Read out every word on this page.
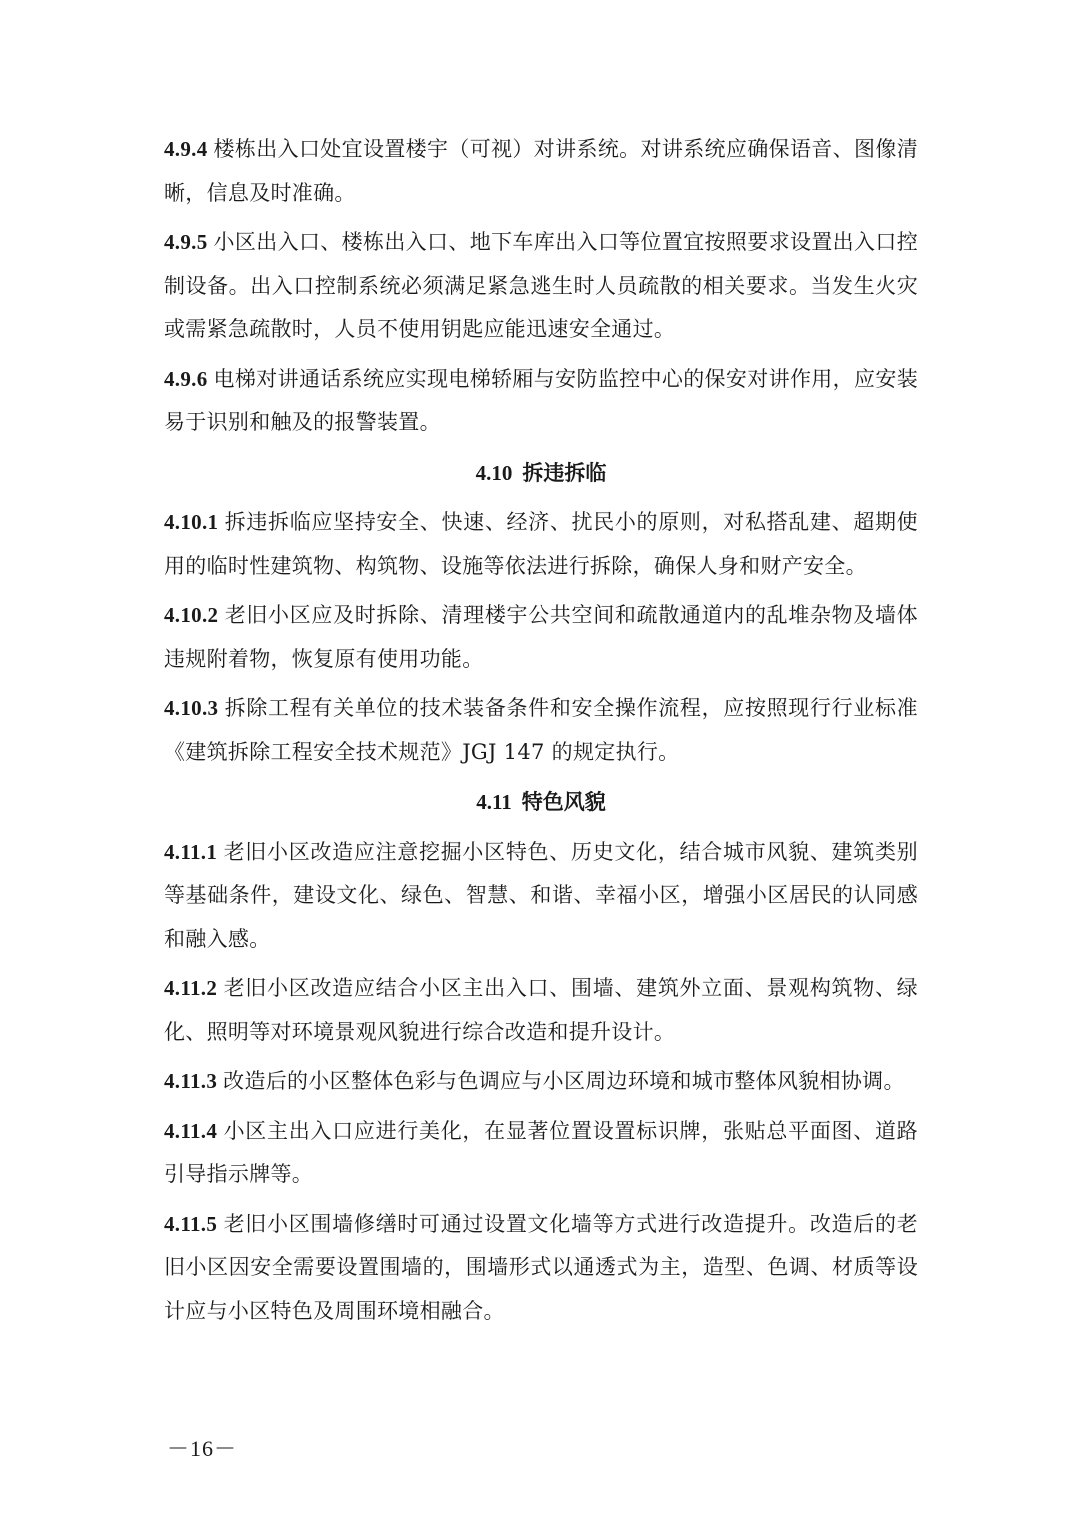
4.9.4 楼栋出入口处宜设置楼宇（可视）对讲系统。对讲系统应确保语音、图像清晰，信息及时准确。

4.9.5 小区出入口、楼栋出入口、地下车库出入口等位置宜按照要求设置出入口控制设备。出入口控制系统必须满足紧急逃生时人员疏散的相关要求。当发生火灾或需紧急疏散时，人员不使用钥匙应能迅速安全通过。

4.9.6 电梯对讲通话系统应实现电梯轿厢与安防监控中心的保安对讲作用，应安装易于识别和触及的报警装置。

4.10 拆违拆临

4.10.1 拆违拆临应坚持安全、快速、经济、扰民小的原则，对私搭乱建、超期使用的临时性建筑物、构筑物、设施等依法进行拆除，确保人身和财产安全。

4.10.2 老旧小区应及时拆除、清理楼宇公共空间和疏散通道内的乱堆杂物及墙体违规附着物，恢复原有使用功能。

4.10.3 拆除工程有关单位的技术装备条件和安全操作流程，应按照现行行业标准《建筑拆除工程安全技术规范》JGJ 147 的规定执行。

4.11 特色风貌

4.11.1 老旧小区改造应注意挖掘小区特色、历史文化，结合城市风貌、建筑类别等基础条件，建设文化、绿色、智慧、和谐、幸福小区，增强小区居民的认同感和融入感。

4.11.2 老旧小区改造应结合小区主出入口、围墙、建筑外立面、景观构筑物、绿化、照明等对环境景观风貌进行综合改造和提升设计。

4.11.3 改造后的小区整体色彩与色调应与小区周边环境和城市整体风貌相协调。

4.11.4 小区主出入口应进行美化，在显著位置设置标识牌，张贴总平面图、道路引导指示牌等。

4.11.5 老旧小区围墙修缮时可通过设置文化墙等方式进行改造提升。改造后的老旧小区因安全需要设置围墙的，围墙形式以通透式为主，造型、色调、材质等设计应与小区特色及周围环境相融合。

－16－
